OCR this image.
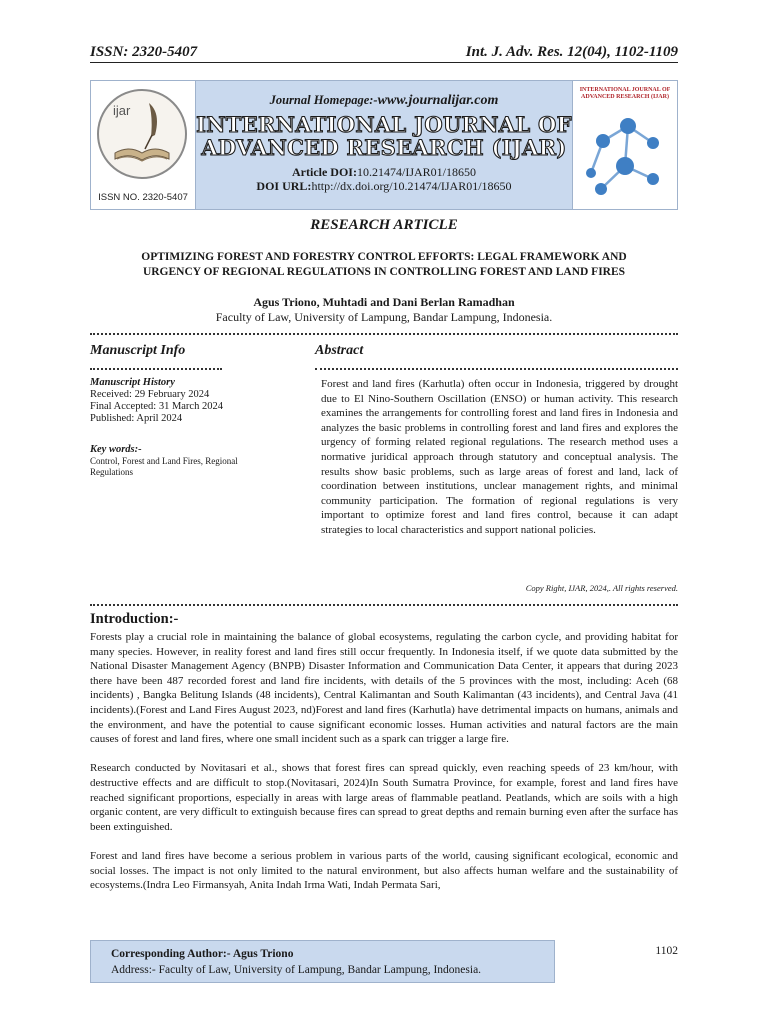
ISSN: 2320-5407	Int. J. Adv. Res. 12(04), 1102-1109
ijar
ISSN NO. 2320-5407
Journal Homepage:-www.journalijar.com
INTERNATIONAL JOURNAL OF
ADVANCED RESEARCH (IJAR)
Article DOI:10.21474/IJAR01/18650
DOI URL:http://dx.doi.org/10.21474/IJAR01/18650
INTERNATIONAL JOURNAL OF ADVANCED RESEARCH (IJAR)
RESEARCH ARTICLE
OPTIMIZING FOREST AND FORESTRY CONTROL EFFORTS: LEGAL FRAMEWORK AND
URGENCY OF REGIONAL REGULATIONS IN CONTROLLING FOREST AND LAND FIRES
Agus Triono, Muhtadi and Dani Berlan Ramadhan
Faculty of Law, University of Lampung, Bandar Lampung, Indonesia.
Manuscript Info	Abstract
Manuscript History
Received: 29 February 2024
Final Accepted: 31 March 2024
Published: April 2024
Key words:-
Control, Forest and Land Fires, Regional Regulations
Forest and land fires (Karhutla) often occur in Indonesia, triggered by drought due to El Nino-Southern Oscillation (ENSO) or human activity. This research examines the arrangements for controlling forest and land fires in Indonesia and analyzes the basic problems in controlling forest and land fires and explores the urgency of forming related regional regulations. The research method uses a normative juridical approach through statutory and conceptual analysis. The results show basic problems, such as large areas of forest and land, lack of coordination between institutions, unclear management rights, and minimal community participation. The formation of regional regulations is very important to optimize forest and land fires control, because it can adapt strategies to local characteristics and support national policies.
Copy Right, IJAR, 2024,. All rights reserved.
Introduction:-

Forests play a crucial role in maintaining the balance of global ecosystems, regulating the carbon cycle, and providing habitat for many species. However, in reality forest and land fires still occur frequently. In Indonesia itself, if we quote data submitted by the National Disaster Management Agency (BNPB) Disaster Information and Communication Data Center, it appears that during 2023 there have been 487 recorded forest and land fire incidents, with details of the 5 provinces with the most, including: Aceh (68 incidents) , Bangka Belitung Islands (48 incidents), Central Kalimantan and South Kalimantan (43 incidents), and Central Java (41 incidents).(Forest and Land Fires August 2023, nd)Forest and land fires (Karhutla) have detrimental impacts on humans, animals and the environment, and have the potential to cause significant economic losses. Human activities and natural factors are the main causes of forest and land fires, where one small incident such as a spark can trigger a large fire.

Research conducted by Novitasari et al., shows that forest fires can spread quickly, even reaching speeds of 23 km/hour, with destructive effects and are difficult to stop.(Novitasari, 2024)In South Sumatra Province, for example, forest and land fires have reached significant proportions, especially in areas with large areas of flammable peatland. Peatlands, which are soils with a high organic content, are very difficult to extinguish because fires can spread to great depths and remain burning even after the surface has been extinguished.

Forest and land fires have become a serious problem in various parts of the world, causing significant ecological, economic and social losses. The impact is not only limited to the natural environment, but also affects human welfare and the sustainability of ecosystems.(Indra Leo Firmansyah, Anita Indah Irma Wati, Indah Permata Sari,

Corresponding Author:- Agus Triono
Address:- Faculty of Law, University of Lampung, Bandar Lampung, Indonesia.
1102
